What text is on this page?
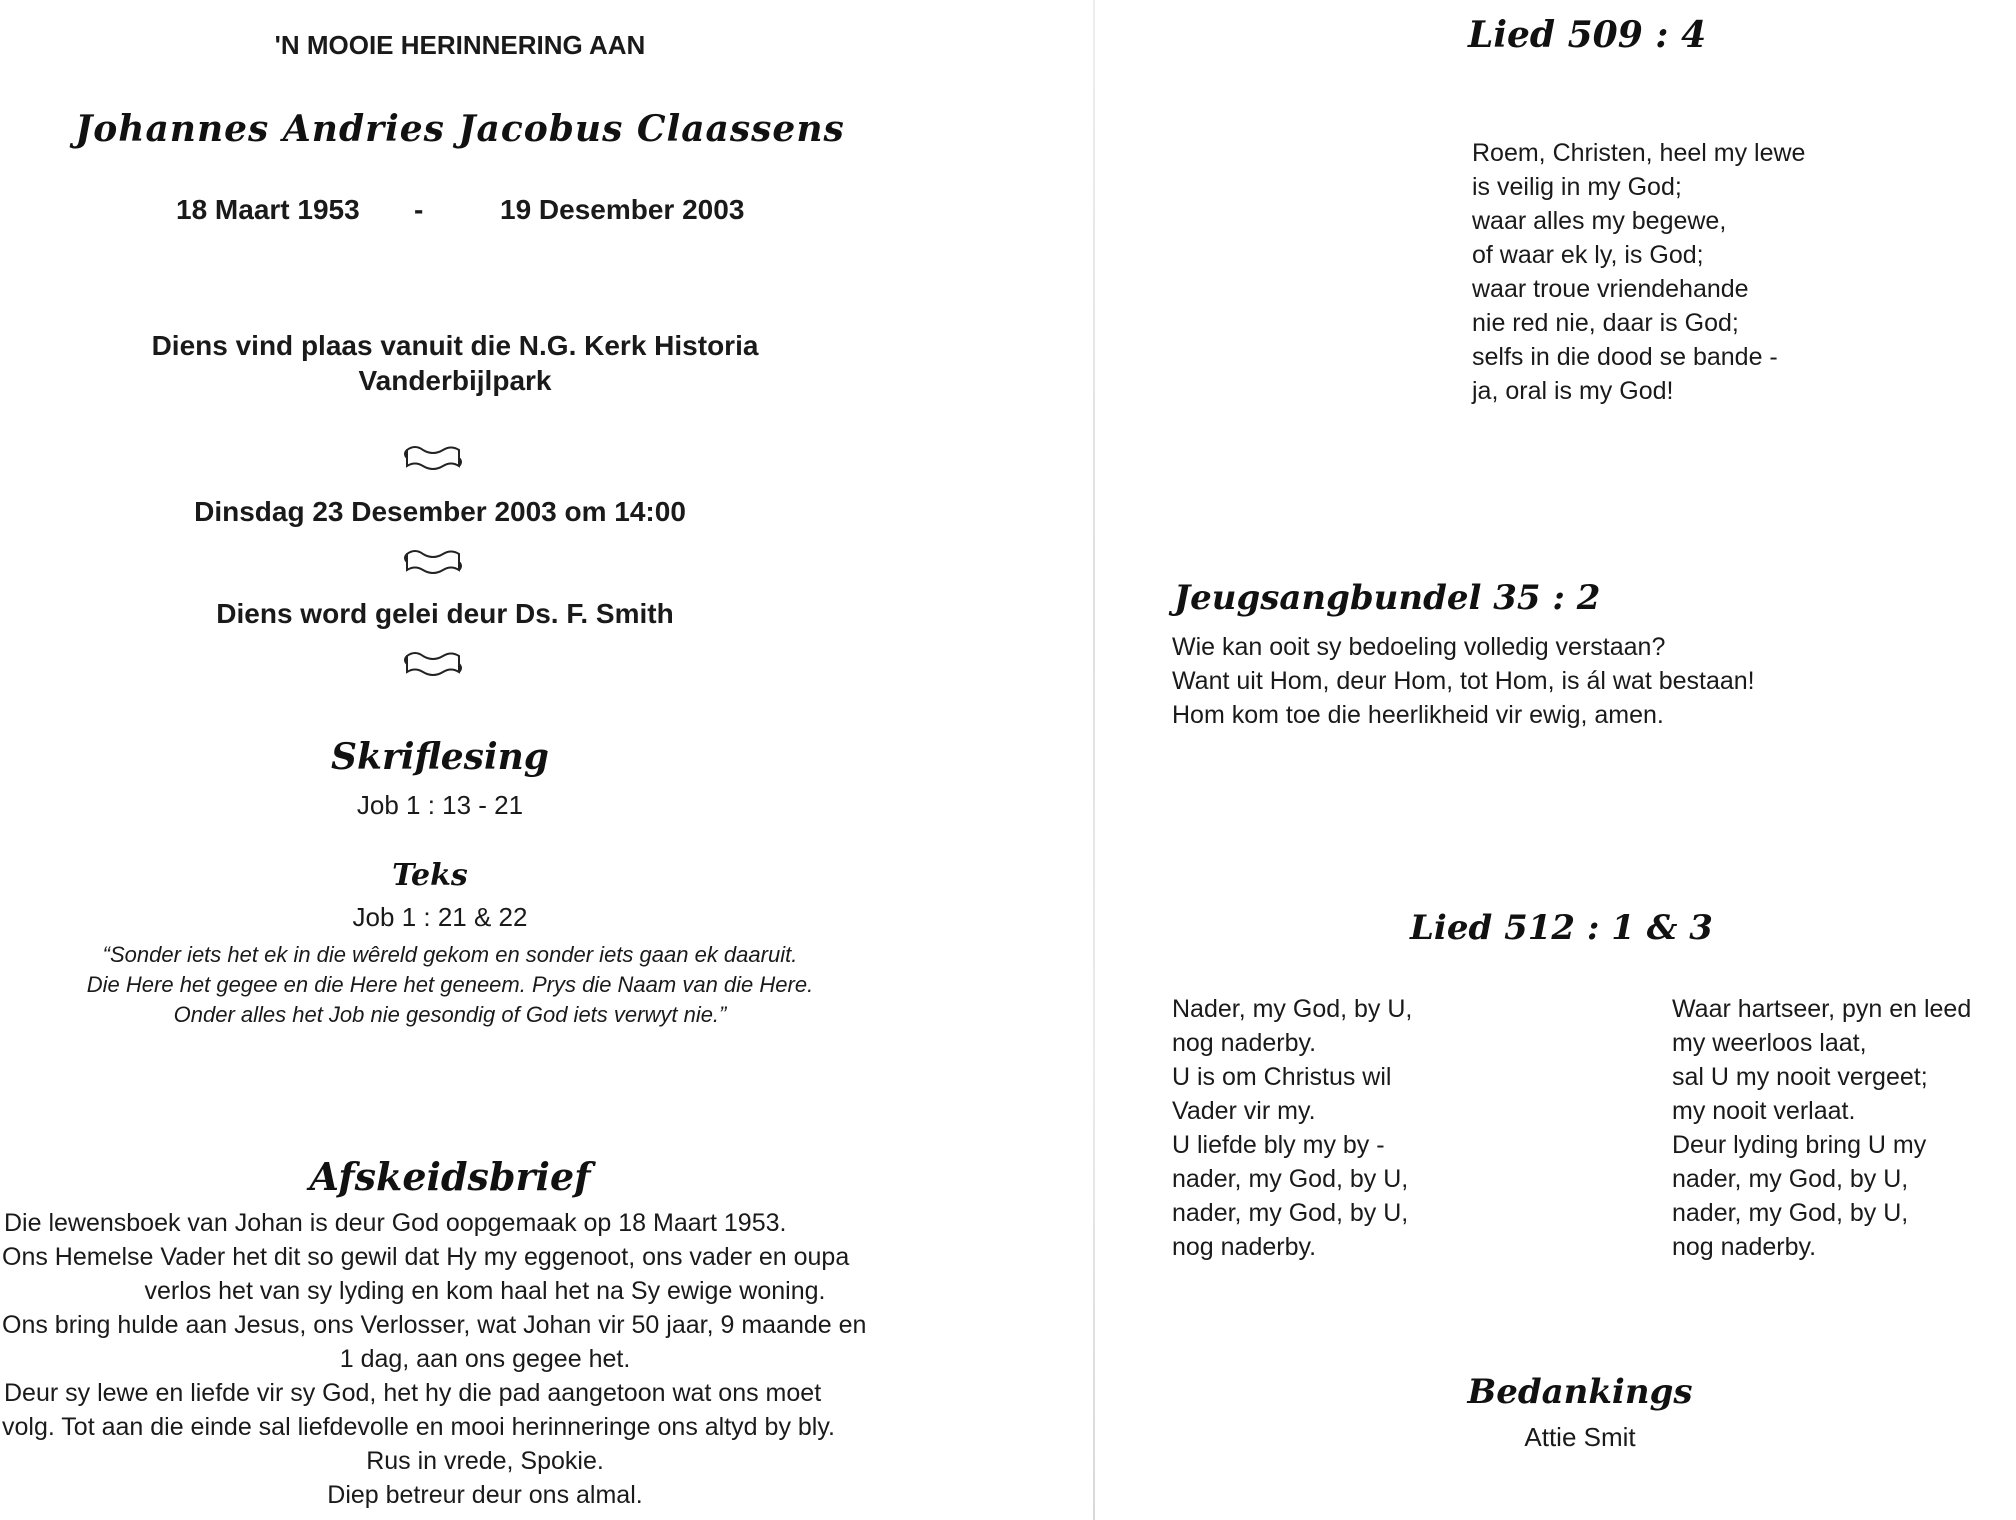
'N MOOIE HERINNERING AAN
Johannes Andries Jacobus Claassens
18 Maart 1953 -	19 Desember 2003
Diens vind plaas vanuit die N.G. Kerk Historia
Vanderbijlpark
Dinsdag 23 Desember 2003 om 14:00
Diens word gelei deur Ds. F. Smith
Skriflesing
Job 1 : 13 - 21
Teks
Job 1 : 21 & 22
“Sonder iets het ek in die wêreld gekom en sonder iets gaan ek daaruit.
Die Here het gegee en die Here het geneem. Prys die Naam van die Here.
Onder alles het Job nie gesondig of God iets verwyt nie.”
Afskeidsbrief
Die lewensboek van Johan is deur God oopgemaak op 18 Maart 1953.
Ons Hemelse Vader het dit so gewil dat Hy my eggenoot, ons vader en oupa
verlos het van sy lyding en kom haal het na Sy ewige woning.
Ons bring hulde aan Jesus, ons Verlosser, wat Johan vir 50 jaar, 9 maande en
1 dag, aan ons gegee het.
Deur sy lewe en liefde vir sy God, het hy die pad aangetoon wat ons moet
volg. Tot aan die einde sal liefdevolle en mooi herinneringe ons altyd by bly.
Rus in vrede, Spokie.
Diep betreur deur ons almal.
Lied 509 : 4
Roem, Christen, heel my lewe
is veilig in my God;
waar alles my begewe,
of waar ek ly, is God;
waar troue vriendehande
nie red nie, daar is God;
selfs in die dood se bande -
ja, oral is my God!
Jeugsangbundel 35 : 2
Wie kan ooit sy bedoeling volledig verstaan?
Want uit Hom, deur Hom, tot Hom, is ál wat bestaan!
Hom kom toe die heerlikheid vir ewig, amen.
Lied 512 : 1 & 3
Nader, my God, by U,
nog naderby.
U is om Christus wil
Vader vir my.
U liefde bly my by -
nader, my God, by U,
nader, my God, by U,
nog naderby.
Waar hartseer, pyn en leed
my weerloos laat,
sal U my nooit vergeet;
my nooit verlaat.
Deur lyding bring U my
nader, my God, by U,
nader, my God, by U,
nog naderby.
Bedankings
Attie Smit
